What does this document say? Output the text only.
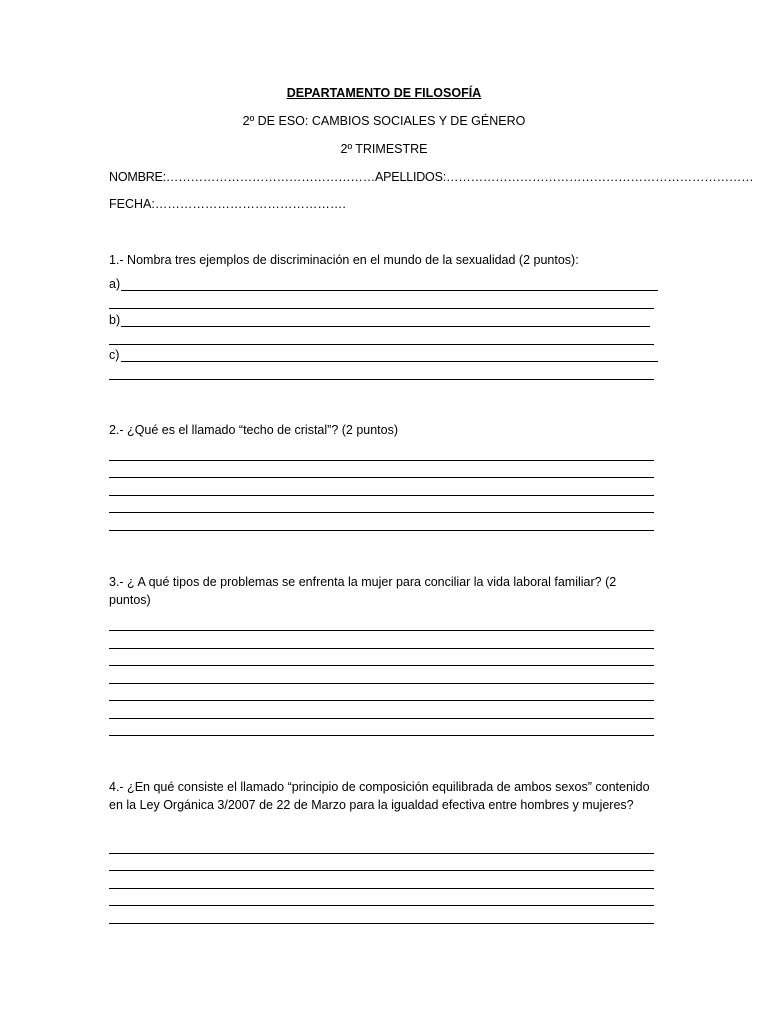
DEPARTAMENTO DE FILOSOFÍA
2º DE ESO: CAMBIOS SOCIALES Y DE GÉNERO
2º TRIMESTRE
NOMBRE:……………………………………………APELLIDOS:…………………………………………………………………
FECHA:……………………………………….
1.- Nombra tres ejemplos de discriminación en el mundo de la sexualidad (2 puntos):
a)
b)
c)
2.- ¿Qué es el llamado “techo de cristal”? (2 puntos)
3.- ¿ A qué tipos de problemas se enfrenta la mujer para conciliar la vida laboral familiar? (2 puntos)
4.- ¿En qué consiste el llamado “principio de composición equilibrada de ambos sexos” contenido en la Ley Orgánica 3/2007 de 22 de Marzo para la igualdad efectiva entre hombres y mujeres?
